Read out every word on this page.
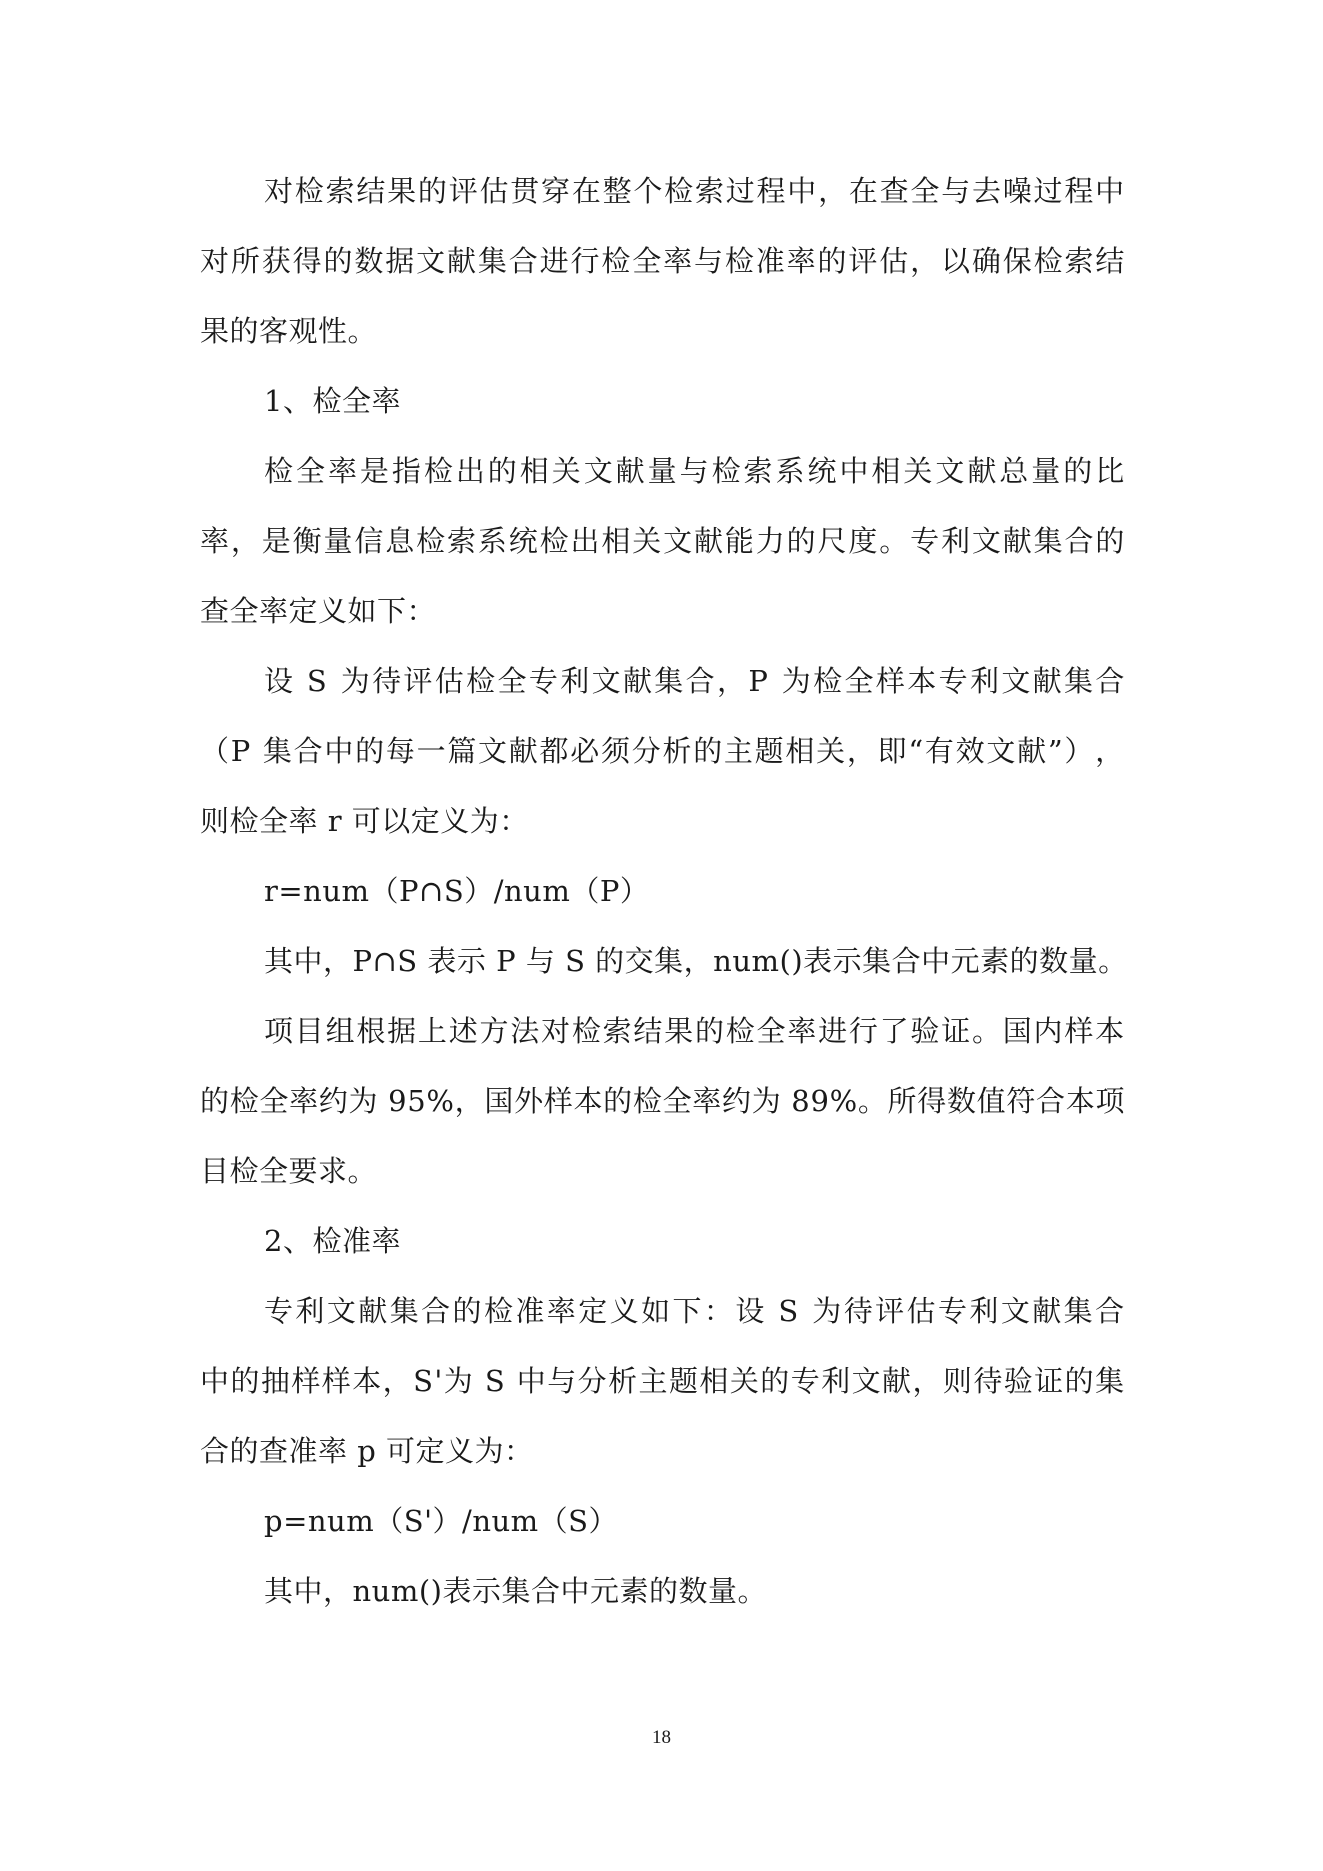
对 检 索 结 果 的 评 估 贯 穿 在 整 个 检 索 过 程 中 ， 在 查 全 与 去 噪 过 程 中
对 所 获 得 的 数 据 文 献 集 合 进 行 检 全 率 与 检 准 率 的 评 估 ， 以 确 保 检 索 结
果的客观性。
1、检全率
检 全 率 是 指 检 出 的 相 关 文 献 量 与 检 索 系 统 中 相 关 文 献 总 量 的 比
率 ， 是 衡 量 信 息 检 索 系 统 检 出 相 关 文 献 能 力 的 尺 度 。 专 利 文 献 集 合 的
查全率定义如下：
设
S
为 待 评 估 检 全 专 利 文 献 集 合 ， P
为 检 全 样 本 专 利 文 献 集 合
（ P
集 合 中 的 每 一 篇 文 献 都 必 须 分 析 的 主 题 相 关 ， 即 “ 有 效 文 献 ” ） ，
则检全率 r 可以定义为：
r=num（P∩S）/num（P）
其中，P∩S 表示 P 与 S 的交集，num()表示集合中元素的数量。
项 目 组 根 据 上 述 方 法 对 检 索 结 果 的 检 全 率 进 行 了 验 证 。 国 内 样 本
的 检 全 率 约 为
9 5 % ， 国 外 样 本 的 检 全 率 约 为
8 9 % 。 所 得 数 值 符 合 本 项
目检全要求。
2、检准率
专 利 文 献 集 合 的 检 准 率 定 义 如 下 ： 设
S
为 待 评 估 专 利 文 献 集 合
中 的 抽 样 样 本 ， S ' 为
S
中 与 分 析 主 题 相 关 的 专 利 文 献 ， 则 待 验 证 的 集
合的查准率 p 可定义为：
p=num（S'）/num（S）
其中，num()表示集合中元素的数量。
18
